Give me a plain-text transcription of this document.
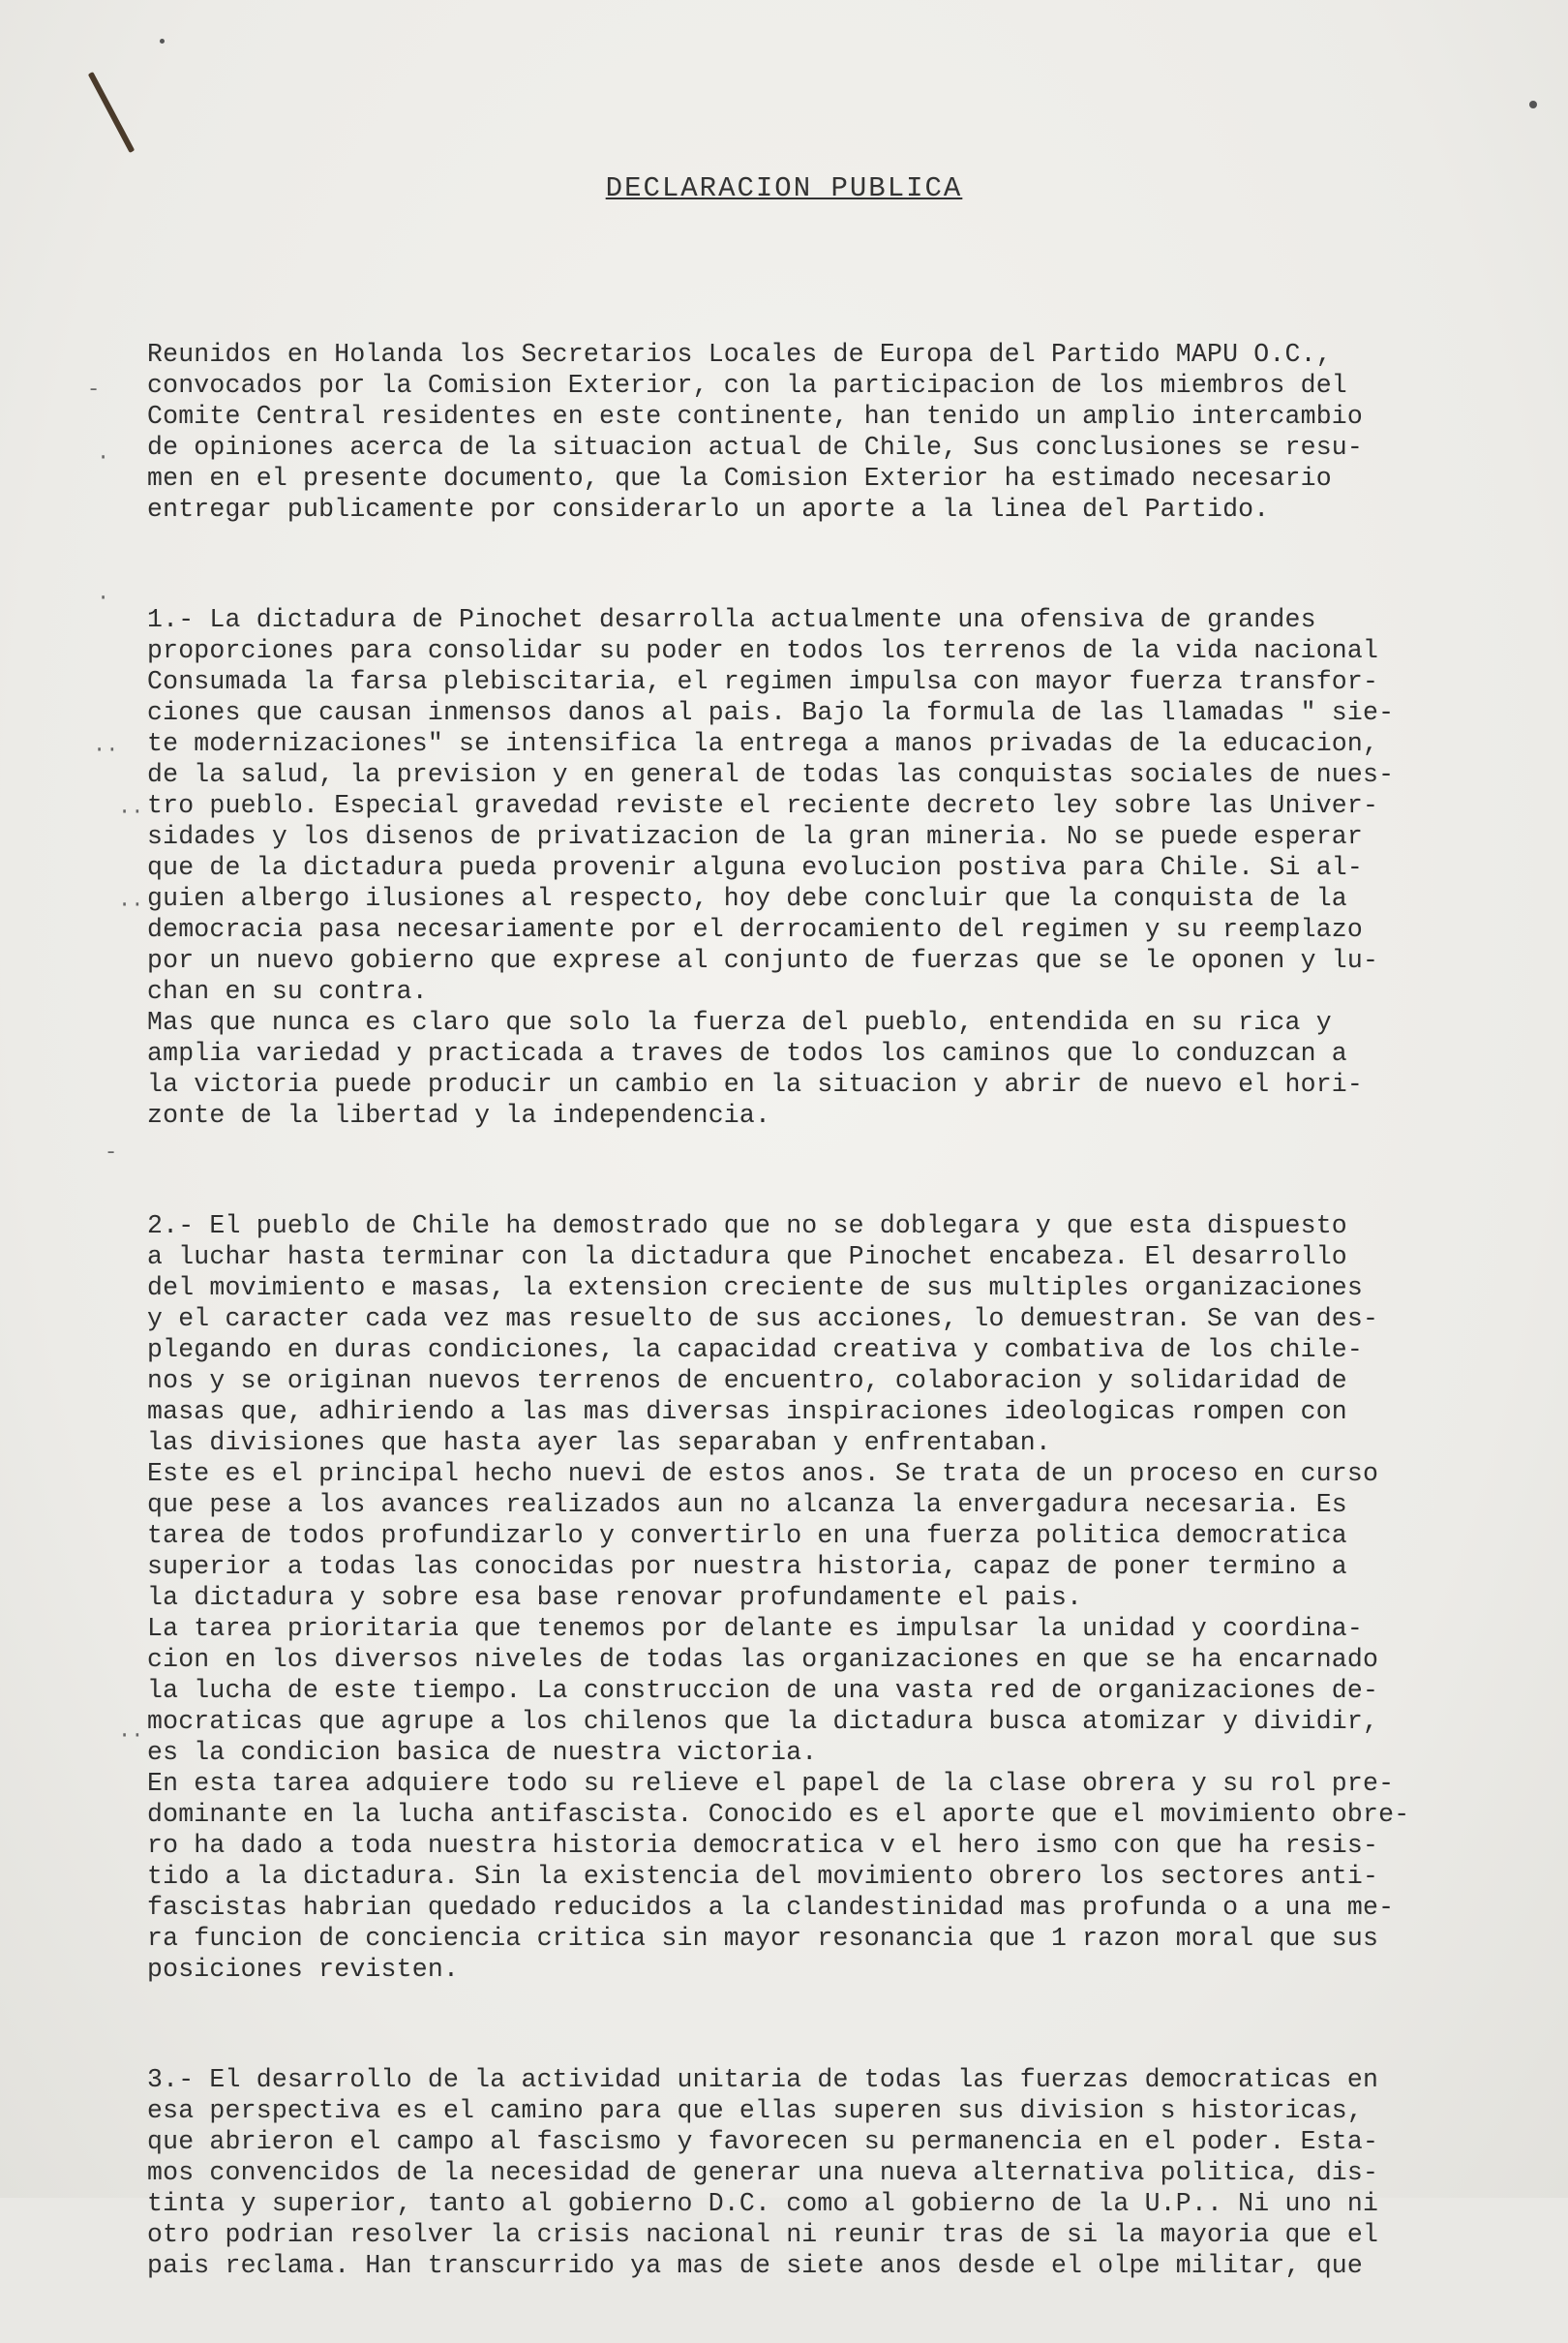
DECLARACION PUBLICA

Reunidos en Holanda los Secretarios Locales de Europa del Partido MAPU O.C.,
convocados por la Comision Exterior, con la participacion de los miembros del
Comite Central residentes en este continente, han tenido un amplio intercambio
de opiniones acerca de la situacion actual de Chile, Sus conclusiones se resu-
men en el presente documento, que la Comision Exterior ha estimado necesario
entregar publicamente por considerarlo un aporte a la linea del Partido.

1.- La dictadura de Pinochet desarrolla actualmente una ofensiva de grandes
proporciones para consolidar su poder en todos los terrenos de la vida nacional
Consumada la farsa plebiscitaria, el regimen impulsa con mayor fuerza transfor-
ciones que causan inmensos danos al pais. Bajo la formula de las llamadas " sie-
te modernizaciones" se intensifica la entrega a manos privadas de la educacion,
de la salud, la prevision y en general de todas las conquistas sociales de nues-
tro pueblo. Especial gravedad reviste el reciente decreto ley sobre las Univer-
sidades y los disenos de privatizacion de la gran mineria. No se puede esperar
que de la dictadura pueda provenir alguna evolucion postiva para Chile. Si al-
guien albergo ilusiones al respecto, hoy debe concluir que la conquista de la
democracia pasa necesariamente por el derrocamiento del regimen y su reemplazo
por un nuevo gobierno que exprese al conjunto de fuerzas que se le oponen y lu-
chan en su contra.
Mas que nunca es claro que solo la fuerza del pueblo, entendida en su rica y
amplia variedad y practicada a traves de todos los caminos que lo conduzcan a
la victoria puede producir un cambio en la situacion y abrir de nuevo el hori-
zonte de la libertad y la independencia.

2.- El pueblo de Chile ha demostrado que no se doblegara y que esta dispuesto
a luchar hasta terminar con la dictadura que Pinochet encabeza. El desarrollo
del movimiento e masas, la extension creciente de sus multiples organizaciones
y el caracter cada vez mas resuelto de sus acciones, lo demuestran. Se van des-
plegando en duras condiciones, la capacidad creativa y combativa de los chile-
nos y se originan nuevos terrenos de encuentro, colaboracion y solidaridad de
masas que, adhiriendo a las mas diversas inspiraciones ideologicas rompen con
las divisiones que hasta ayer las separaban y enfrentaban.
Este es el principal hecho nuevi de estos anos. Se trata de un proceso en curso
que pese a los avances realizados aun no alcanza la envergadura necesaria. Es
tarea de todos profundizarlo y convertirlo en una fuerza politica democratica
superior a todas las conocidas por nuestra historia, capaz de poner termino a
la dictadura y sobre esa base renovar profundamente el pais.
La tarea prioritaria que tenemos por delante es impulsar la unidad y coordina-
cion en los diversos niveles de todas las organizaciones en que se ha encarnado
la lucha de este tiempo. La construccion de una vasta red de organizaciones de-
mocraticas que agrupe a los chilenos que la dictadura busca atomizar y dividir,
es la condicion basica de nuestra victoria.
En esta tarea adquiere todo su relieve el papel de la clase obrera y su rol pre-
dominante en la lucha antifascista. Conocido es el aporte que el movimiento obre-
ro ha dado a toda nuestra historia democratica v el hero ismo con que ha resis-
tido a la dictadura. Sin la existencia del movimiento obrero los sectores anti-
fascistas habrian quedado reducidos a la clandestinidad mas profunda o a una me-
ra funcion de conciencia critica sin mayor resonancia que 1 razon moral que sus
posiciones revisten.

3.- El desarrollo de la actividad unitaria de todas las fuerzas democraticas en
esa perspectiva es el camino para que ellas superen sus division s historicas,
que abrieron el campo al fascismo y favorecen su permanencia en el poder. Esta-
mos convencidos de la necesidad de generar una nueva alternativa politica, dis-
tinta y superior, tanto al gobierno D.C. como al gobierno de la U.P.. Ni uno ni
otro podrian resolver la crisis nacional ni reunir tras de si la mayoria que el
pais reclama. Han transcurrido ya mas de siete anos desde el olpe militar, que

-
·
·
··
··
··
-
··
